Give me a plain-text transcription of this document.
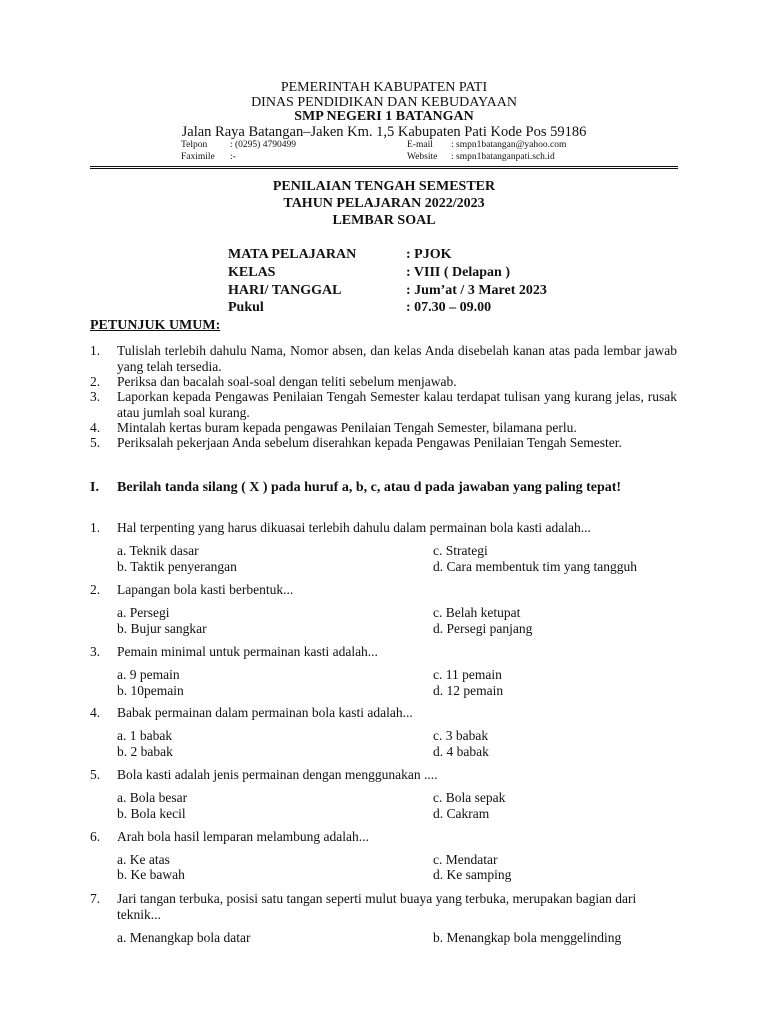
PEMERINTAH KABUPATEN PATI
DINAS PENDIDIKAN DAN KEBUDAYAAN
SMP NEGERI 1 BATANGAN
Jalan Raya Batangan–Jaken Km. 1,5 Kabupaten Pati Kode Pos 59186
Telpon : (0295) 4790499
Faximile :-
E-mail : smpn1batangan@yahoo.com
Website : smpn1batanganpati.sch.id
PENILAIAN TENGAH SEMESTER
TAHUN PELAJARAN 2022/2023
LEMBAR SOAL
MATA PELAJARAN	: PJOK
KELAS	: VIII ( Delapan )
HARI/ TANGGAL	: Jum’at / 3 Maret 2023
Pukul	: 07.30 – 09.00
PETUNJUK UMUM:
1. Tulislah terlebih dahulu Nama, Nomor absen, dan kelas Anda disebelah kanan atas pada lembar jawab yang telah tersedia.
2. Periksa dan bacalah soal-soal dengan teliti sebelum menjawab.
3. Laporkan kepada Pengawas Penilaian Tengah Semester kalau terdapat tulisan yang kurang jelas, rusak atau jumlah soal kurang.
4. Mintalah kertas buram kepada pengawas Penilaian Tengah Semester, bilamana perlu.
5. Periksalah pekerjaan Anda sebelum diserahkan kepada Pengawas Penilaian Tengah Semester.
I. Berilah tanda silang ( X ) pada huruf a, b, c, atau d pada jawaban yang paling tepat!
1. Hal terpenting yang harus dikuasai terlebih dahulu dalam permainan bola kasti adalah...
a. Teknik dasar
b. Taktik penyerangan
c. Strategi
d. Cara membentuk tim yang tangguh
2. Lapangan bola kasti berbentuk...
a. Persegi
b. Bujur sangkar
c. Belah ketupat
d. Persegi panjang
3. Pemain minimal untuk permainan kasti adalah...
a. 9 pemain
b. 10pemain
c. 11 pemain
d. 12 pemain
4. Babak permainan dalam permainan bola kasti adalah...
a. 1 babak
b. 2 babak
c. 3 babak
d. 4 babak
5. Bola kasti adalah jenis permainan dengan menggunakan ....
a. Bola besar
b. Bola kecil
c. Bola sepak
d. Cakram
6. Arah bola hasil lemparan melambung adalah...
a. Ke atas
b. Ke bawah
c. Mendatar
d. Ke samping
7. Jari tangan terbuka, posisi satu tangan seperti mulut buaya yang terbuka, merupakan bagian dari teknik...
a. Menangkap bola datar	b. Menangkap bola menggelinding
